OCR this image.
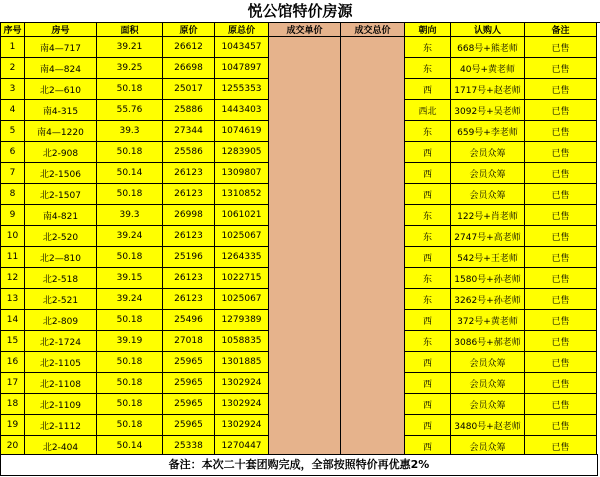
悦公馆特价房源
序号	房号	面积	原价	原总价	成交单价	成交总价	朝向	认购人	备注
1	南4—717	39.21	26612	1043457			东	668号+熊老师	已售
2	南4—824	39.25	26698	1047897			东	40号+黄老师	已售
3	北2—610	50.18	25017	1255353			西	1717号+赵老师	已售
4	南4-315	55.76	25886	1443403			西北	3092号+吴老师	已售
5	南4—1220	39.3	27344	1074619			东	659号+李老师	已售
6	北2-908	50.18	25586	1283905			西	会员众筹	已售
7	北2-1506	50.14	26123	1309807			西	会员众筹	已售
8	北2-1507	50.18	26123	1310852			西	会员众筹	已售
9	南4-821	39.3	26998	1061021			东	122号+肖老师	已售
10	北2-520	39.24	26123	1025067			东	2747号+高老师	已售
11	北2—810	50.18	25196	1264335			西	542号+王老师	已售
12	北2-518	39.15	26123	1022715			东	1580号+孙老师	已售
13	北2-521	39.24	26123	1025067			东	3262号+孙老师	已售
14	北2-809	50.18	25496	1279389			西	372号+黄老师	已售
15	北2-1724	39.19	27018	1058835			东	3086号+郝老师	已售
16	北2-1105	50.18	25965	1301885			西	会员众筹	已售
17	北2-1108	50.18	25965	1302924			西	会员众筹	已售
18	北2-1109	50.18	25965	1302924			西	会员众筹	已售
19	北2-1112	50.18	25965	1302924			西	3480号+赵老师	已售
20	北2-404	50.14	25338	1270447			西	会员众筹	已售
备注：本次二十套团购完成，全部按照特价再优惠2%
